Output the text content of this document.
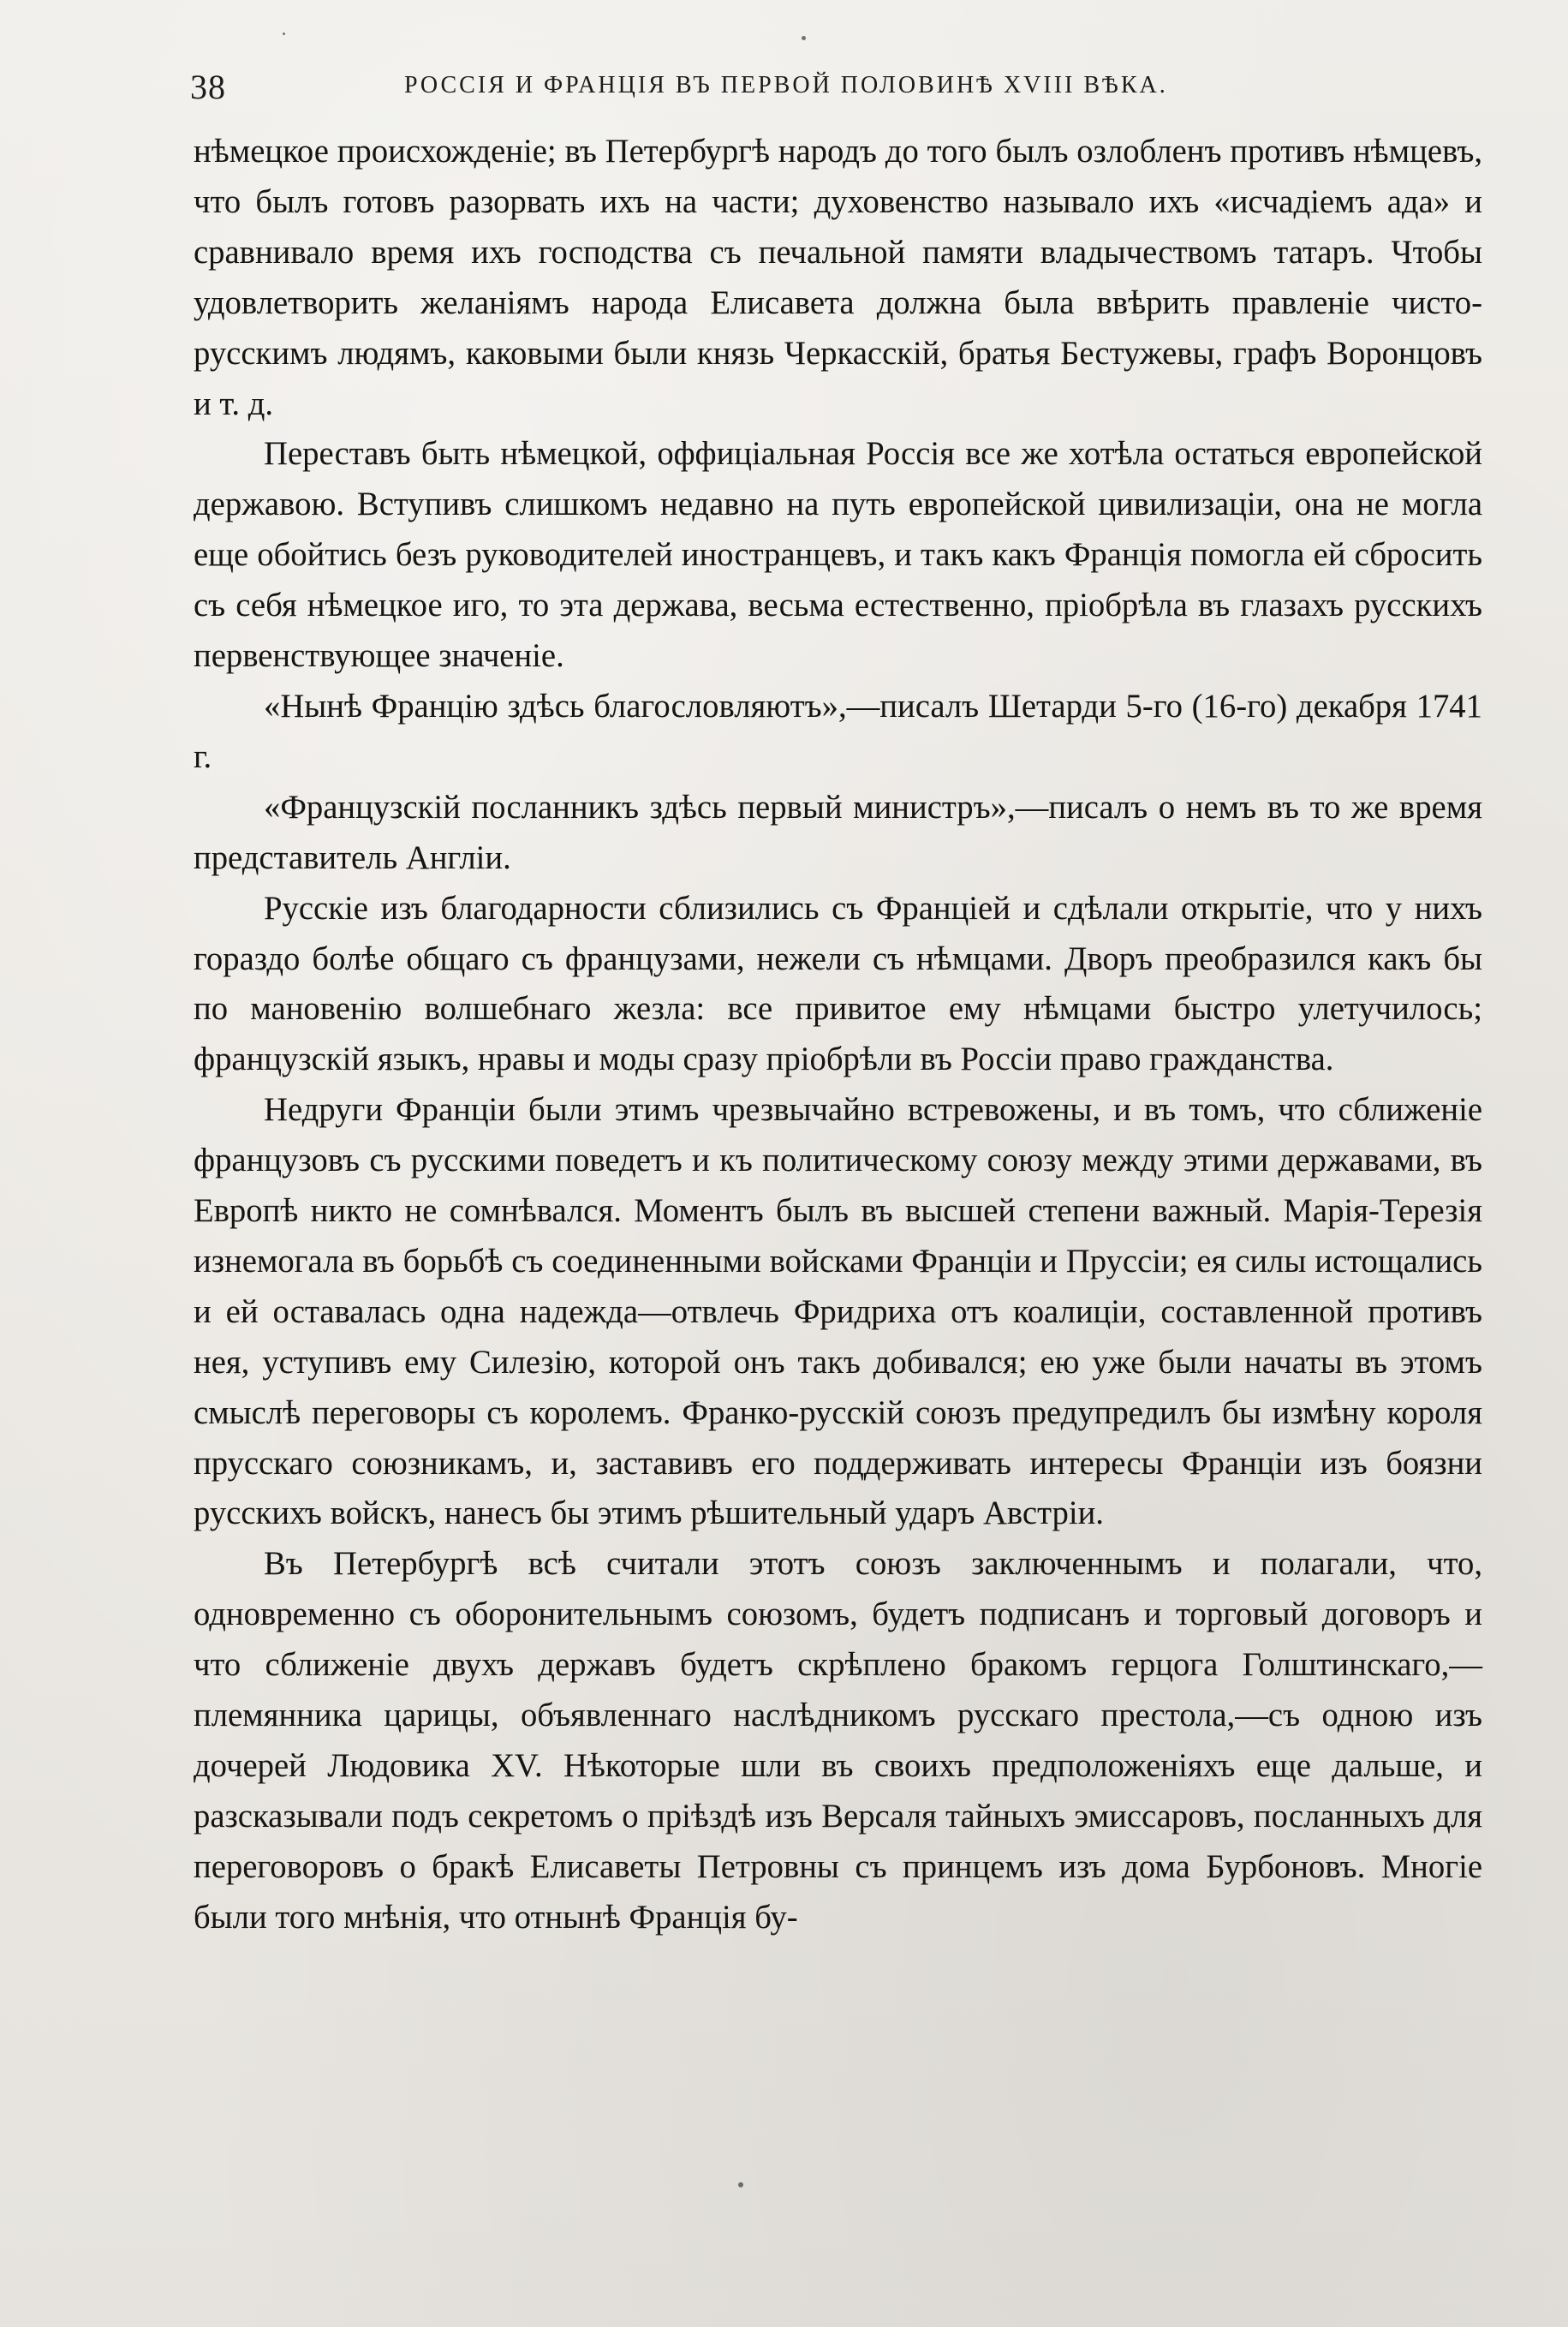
38	РОССІЯ И ФРАНЦІЯ ВЪ ПЕРВОЙ ПОЛОВИНѢ XVIII ВѢКА.

нѣмецкое происхожденіе; въ Петербургѣ народъ до того былъ озлобленъ противъ нѣмцевъ, что былъ готовъ разорвать ихъ на части; духовенство называло ихъ «исчадіемъ ада» и сравнивало время ихъ господства съ печальной памяти владычествомъ татаръ. Чтобы удовлетворить желаніямъ народа Елисавета должна была ввѣрить правленіе чисто-русскимъ людямъ, каковыми были князь Черкасскій, братья Бестужевы, графъ Воронцовъ и т. д.

Переставъ быть нѣмецкой, оффиціальная Россія все же хотѣла остаться европейской державою. Вступивъ слишкомъ недавно на путь европейской цивилизаціи, она не могла еще обойтись безъ руководителей иностранцевъ, и такъ какъ Франція помогла ей сбросить съ себя нѣмецкое иго, то эта держава, весьма естественно, пріобрѣла въ глазахъ русскихъ первенствующее значеніе.

«Нынѣ Францію здѣсь благословляютъ»,—писалъ Шетарди 5-го (16-го) декабря 1741 г.

«Французскій посланникъ здѣсь первый министръ»,—писалъ о немъ въ то же время представитель Англіи.

Русскіе изъ благодарности сблизились съ Франціей и сдѣлали открытіе, что у нихъ гораздо болѣе общаго съ французами, нежели съ нѣмцами. Дворъ преобразился какъ бы по мановенію волшебнаго жезла: все привитое ему нѣмцами быстро улетучилось; французскій языкъ, нравы и моды сразу пріобрѣли въ Россіи право гражданства.

Недруги Франціи были этимъ чрезвычайно встревожены, и въ томъ, что сближеніе французовъ съ русскими поведетъ и къ политическому союзу между этими державами, въ Европѣ никто не сомнѣвался. Моментъ былъ въ высшей степени важный. Марія-Терезія изнемогала въ борьбѣ съ соединенными войсками Франціи и Пруссіи; ея силы истощались и ей оставалась одна надежда—отвлечь Фридриха отъ коалиціи, составленной противъ нея, уступивъ ему Силезію, которой онъ такъ добивался; ею уже были начаты въ этомъ смыслѣ переговоры съ королемъ. Франко-русскій союзъ предупредилъ бы измѣну короля прусскаго союзникамъ, и, заставивъ его поддерживать интересы Франціи изъ боязни русскихъ войскъ, нанесъ бы этимъ рѣшительный ударъ Австріи.

Въ Петербургѣ всѣ считали этотъ союзъ заключеннымъ и полагали, что, одновременно съ оборонительнымъ союзомъ, будетъ подписанъ и торговый договоръ и что сближеніе двухъ державъ будетъ скрѣплено бракомъ герцога Голштинскаго,—племянника царицы, объявленнаго наслѣдникомъ русскаго престола,—съ одною изъ дочерей Людовика XV. Нѣкоторые шли въ своихъ предположеніяхъ еще дальше, и разсказывали подъ секретомъ о пріѣздѣ изъ Версаля тайныхъ эмиссаровъ, посланныхъ для переговоровъ о бракѣ Елисаветы Петровны съ принцемъ изъ дома Бурбоновъ. Многіе были того мнѣнія, что отнынѣ Франція бу-
